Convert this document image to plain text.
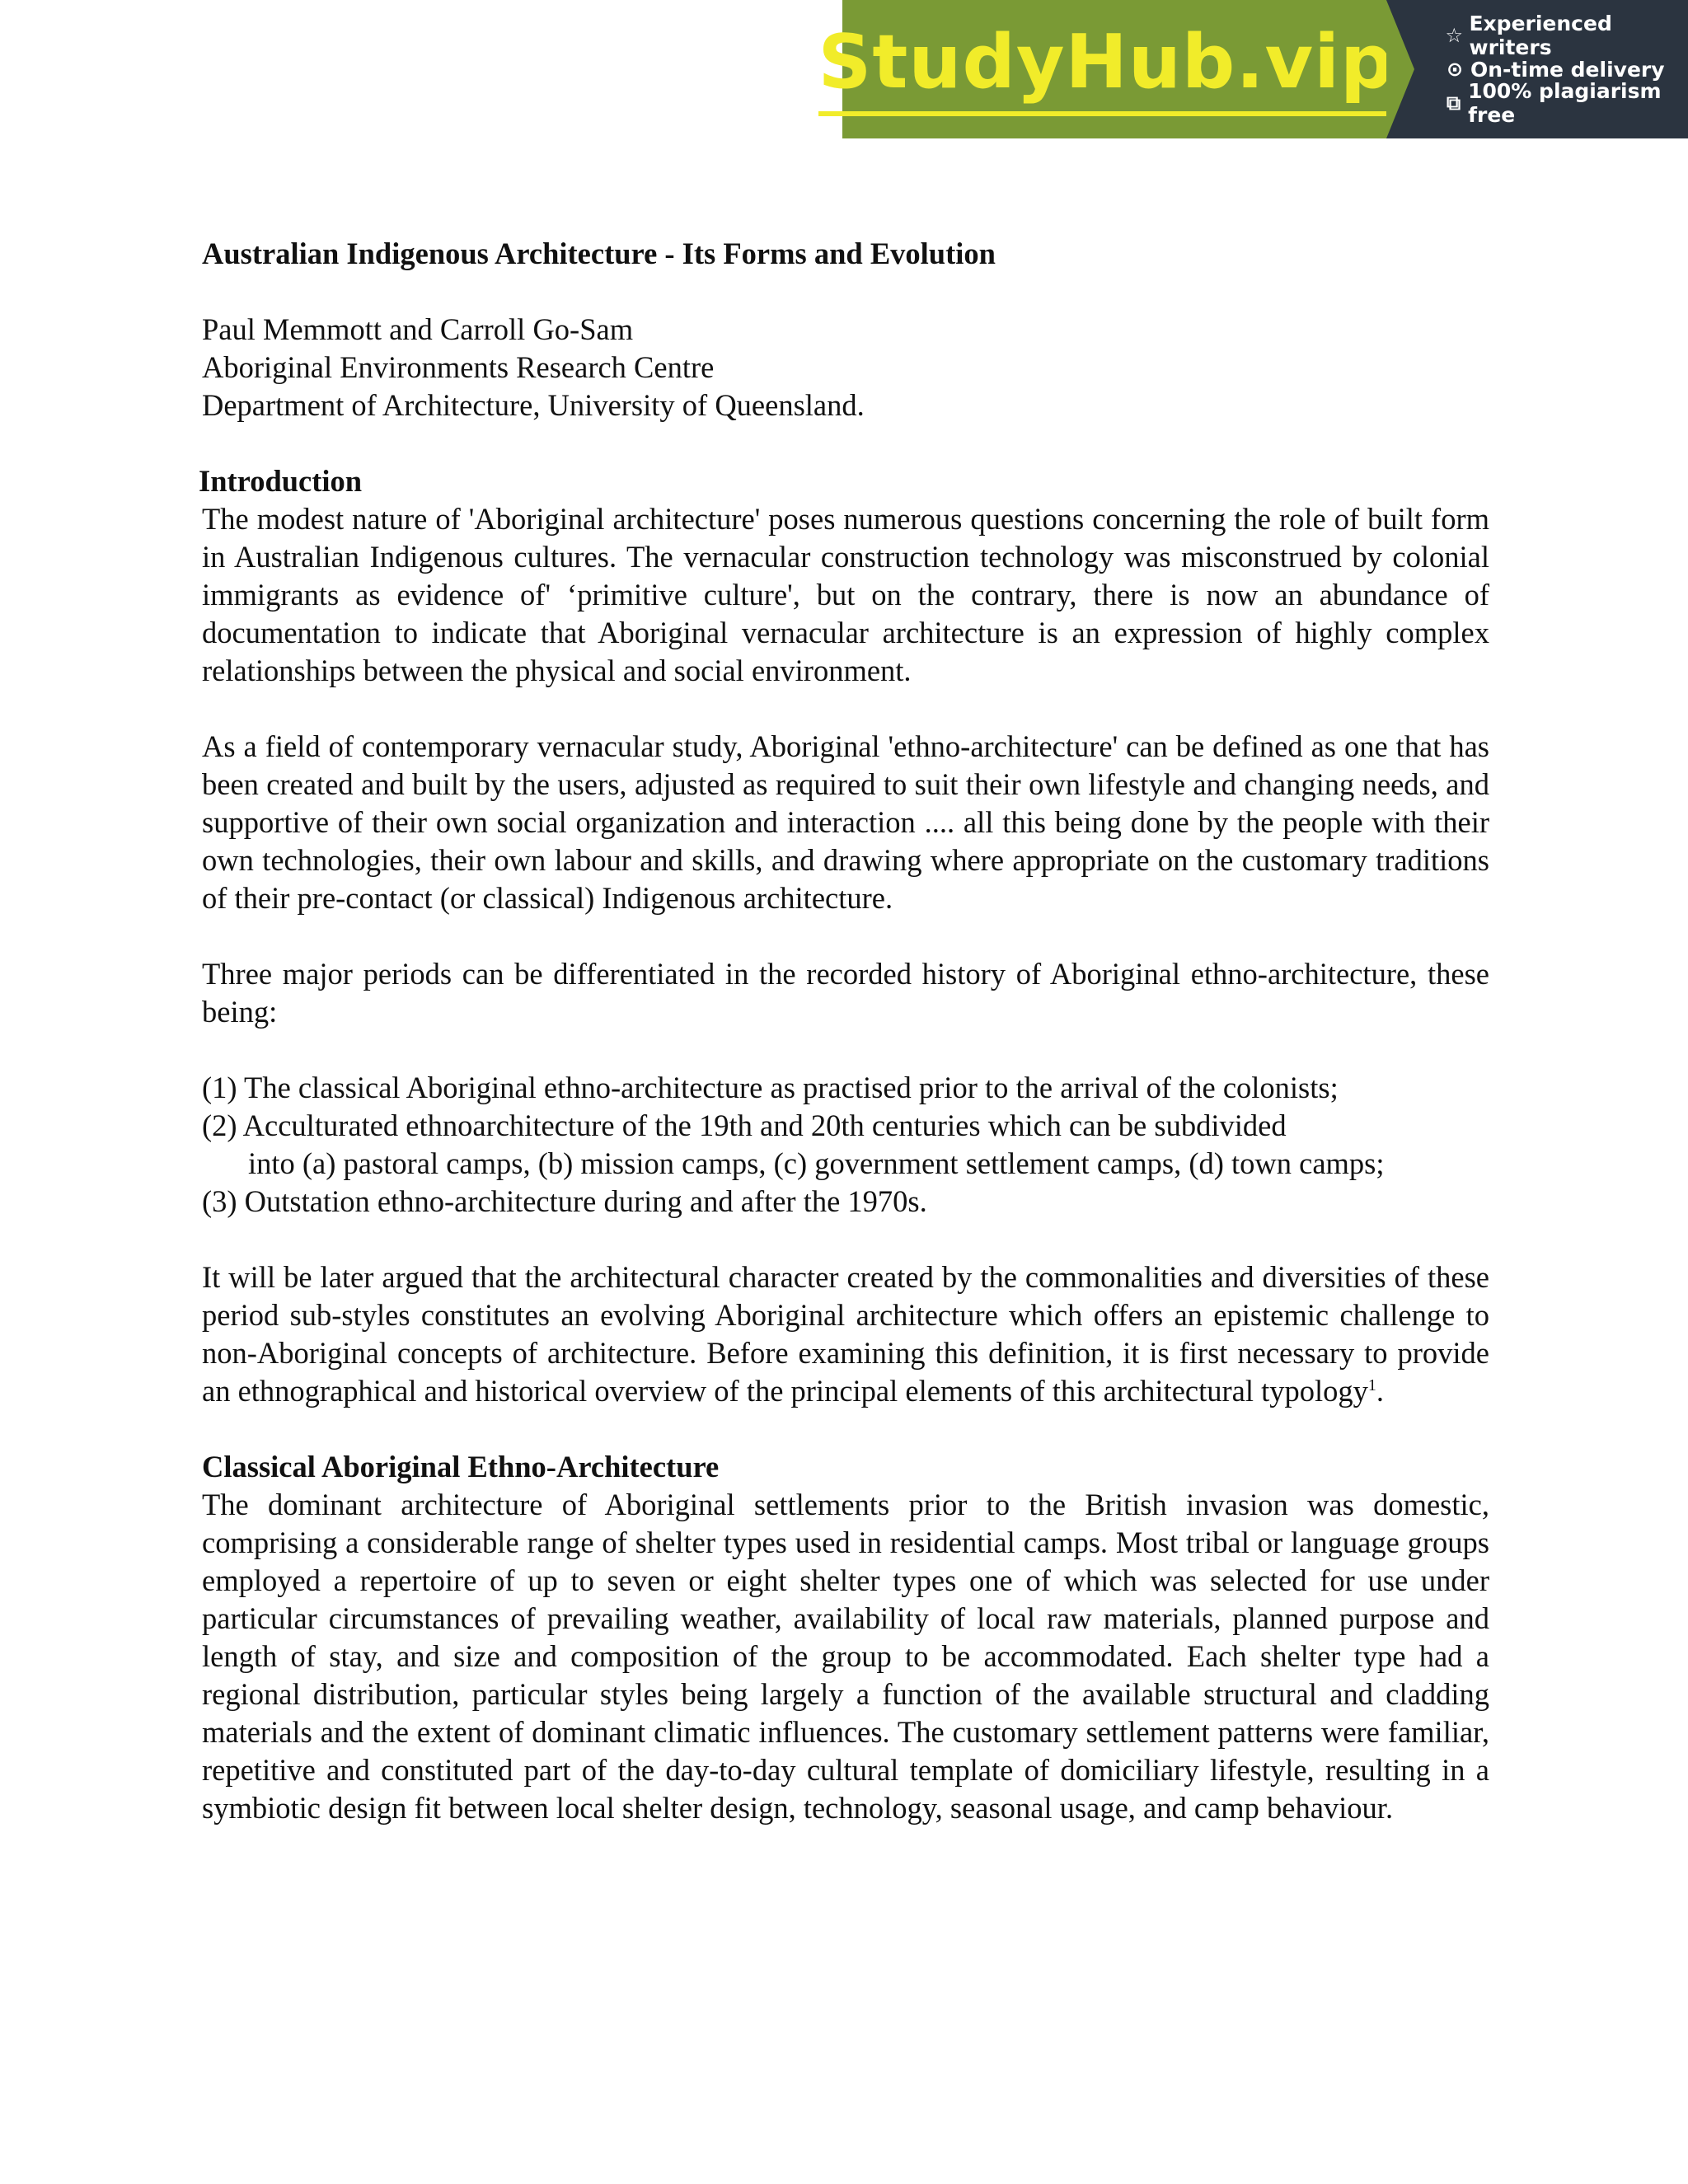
StudyHub.vip	☆ Experienced writers
⊙ On-time delivery
⧉ 100% plagiarism free

Australian Indigenous Architecture - Its Forms and Evolution

Paul Memmott and Carroll Go-Sam

Aboriginal Environments Research Centre

Department of Architecture, University of Queensland.

Introduction

The modest nature of 'Aboriginal architecture' poses numerous questions concerning the role of built form in Australian Indigenous cultures. The vernacular construction technology was misconstrued by colonial immigrants as evidence of' ‘primitive culture', but on the contrary, there is now an abundance of documentation to indicate that Aboriginal vernacular architecture is an expression of highly complex relationships between the physical and social environment.

As a field of contemporary vernacular study, Aboriginal 'ethno-architecture' can be defined as one that has been created and built by the users, adjusted as required to suit their own lifestyle and changing needs, and supportive of their own social organization and interaction .... all this being done by the people with their own technologies, their own labour and skills, and drawing where appropriate on the customary traditions of their pre-contact (or classical) Indigenous architecture.

Three major periods can be differentiated in the recorded history of Aboriginal ethno-architecture, these being:

(1) The classical Aboriginal ethno-architecture as practised prior to the arrival of the colonists;

(2) Acculturated ethnoarchitecture of the 19th and 20th centuries which can be subdivided

into (a) pastoral camps, (b) mission camps, (c) government settlement camps, (d) town camps;

(3) Outstation ethno-architecture during and after the 1970s.

It will be later argued that the architectural character created by the commonalities and diversities of these period sub-styles constitutes an evolving Aboriginal architecture which offers an epistemic challenge to non-Aboriginal concepts of architecture. Before examining this definition, it is first necessary to provide an ethnographical and historical overview of the principal elements of this architectural typology$^1$.

Classical Aboriginal Ethno-Architecture

The dominant architecture of Aboriginal settlements prior to the British invasion was domestic, comprising a considerable range of shelter types used in residential camps. Most tribal or language groups employed a repertoire of up to seven or eight shelter types one of which was selected for use under particular circumstances of prevailing weather, availability of local raw materials, planned purpose and length of stay, and size and composition of the group to be accommodated. Each shelter type had a regional distribution, particular styles being largely a function of the available structural and cladding materials and the extent of dominant climatic influences. The customary settlement patterns were familiar, repetitive and constituted part of the day-to-day cultural template of domiciliary lifestyle, resulting in a symbiotic design fit between local shelter design, technology, seasonal usage, and camp behaviour.
